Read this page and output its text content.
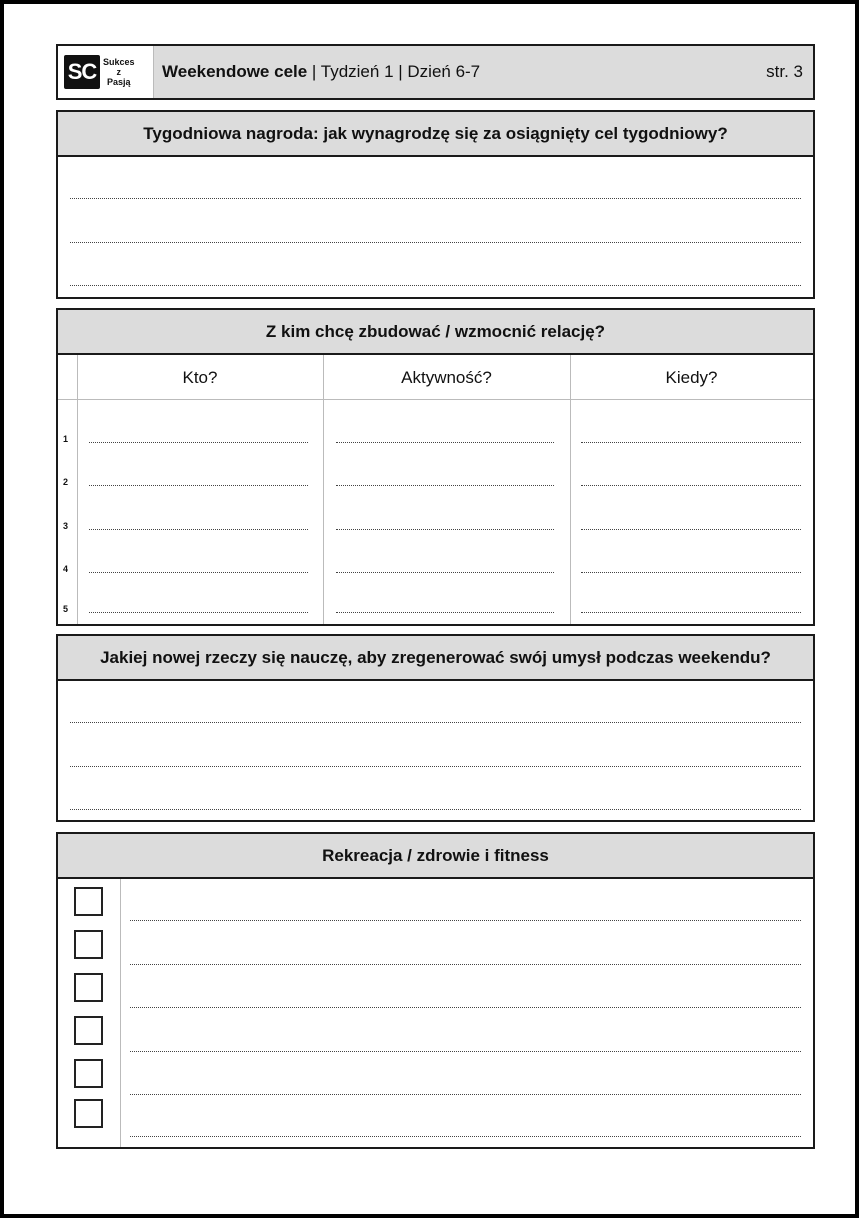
SC Sukces
z
Pasją
Weekendowe cele | Tydzień 1 | Dzień 6-7	str. 3
Tygodniowa nagroda: jak wynagrodzę się za osiągnięty cel tygodniowy?
Z kim chcę zbudować / wzmocnić relację?
Kto?	Aktywność?	Kiedy?
1
2
3
4
5
Jakiej nowej rzeczy się nauczę, aby zregenerować swój umysł podczas weekendu?
Rekreacja / zdrowie i fitness
